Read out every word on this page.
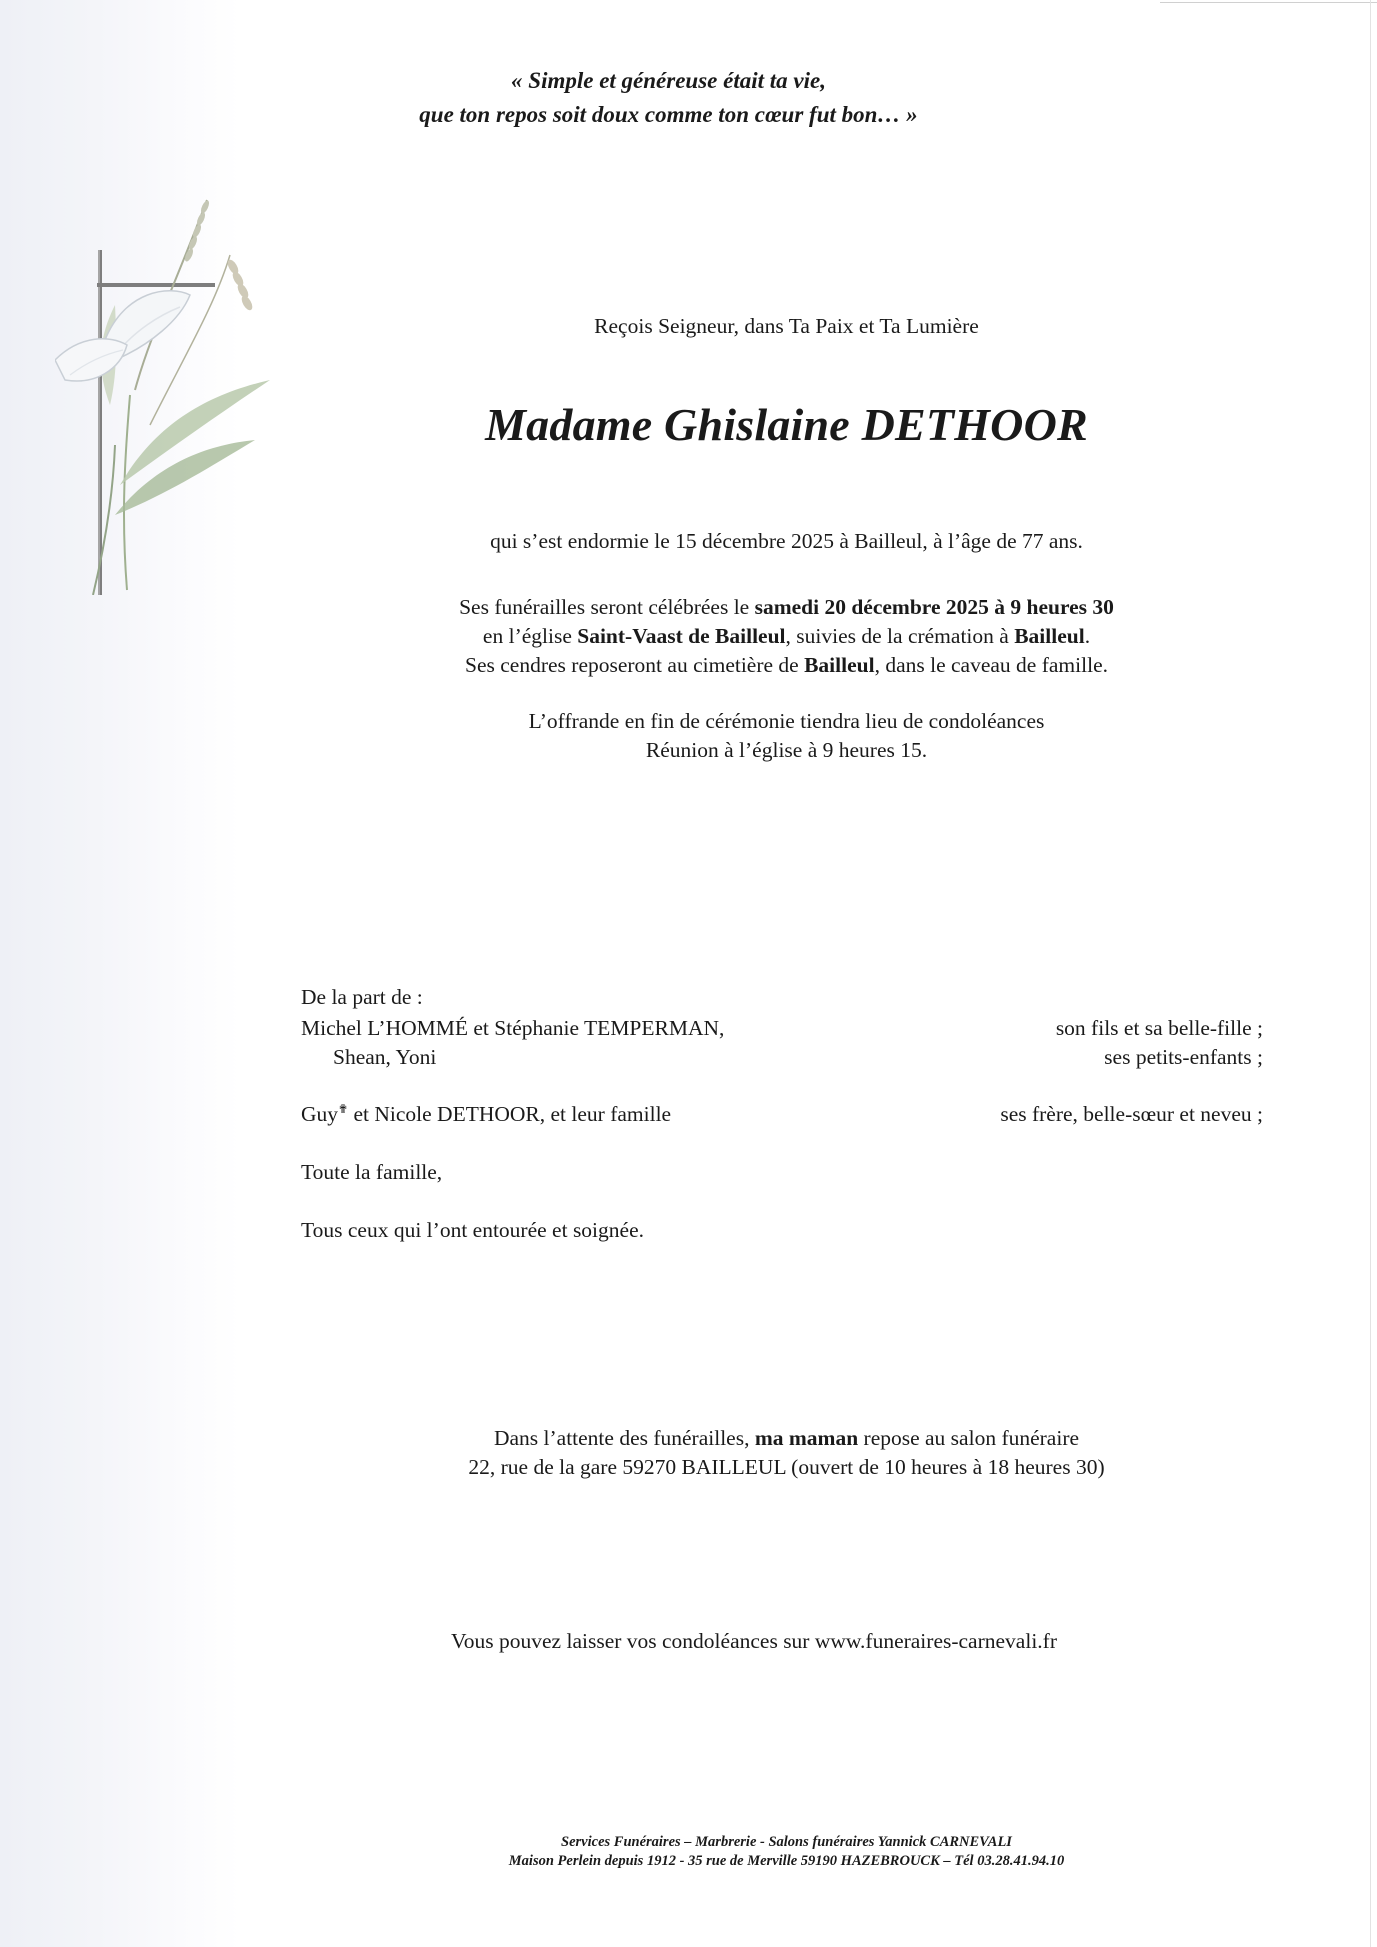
« Simple et généreuse était ta vie,
que ton repos soit doux comme ton cœur fut bon… »
Reçois Seigneur, dans Ta Paix et Ta Lumière
Madame Ghislaine DETHOOR
qui s’est endormie le 15 décembre 2025 à Bailleul, à l’âge de 77 ans.
Ses funérailles seront célébrées le samedi 20 décembre 2025 à 9 heures 30
en l’église Saint-Vaast de Bailleul, suivies de la crémation à Bailleul.
Ses cendres reposeront au cimetière de Bailleul, dans le caveau de famille.
L’offrande en fin de cérémonie tiendra lieu de condoléances
Réunion à l’église à 9 heures 15.
De la part de :
Michel L’HOMMÉ et Stéphanie TEMPERMAN,	son fils et sa belle-fille ;
Shean, Yoni	ses petits-enfants ;
Guy✟ et Nicole DETHOOR, et leur famille	ses frère, belle-sœur et neveu ;
Toute la famille,
Tous ceux qui l’ont entourée et soignée.
Dans l’attente des funérailles, ma maman repose au salon funéraire
22, rue de la gare 59270 BAILLEUL (ouvert de 10 heures à 18 heures 30)
Vous pouvez laisser vos condoléances sur www.funeraires-carnevali.fr
Services Funéraires – Marbrerie - Salons funéraires Yannick CARNEVALI
Maison Perlein depuis 1912 - 35 rue de Merville 59190 HAZEBROUCK – Tél 03.28.41.94.10
